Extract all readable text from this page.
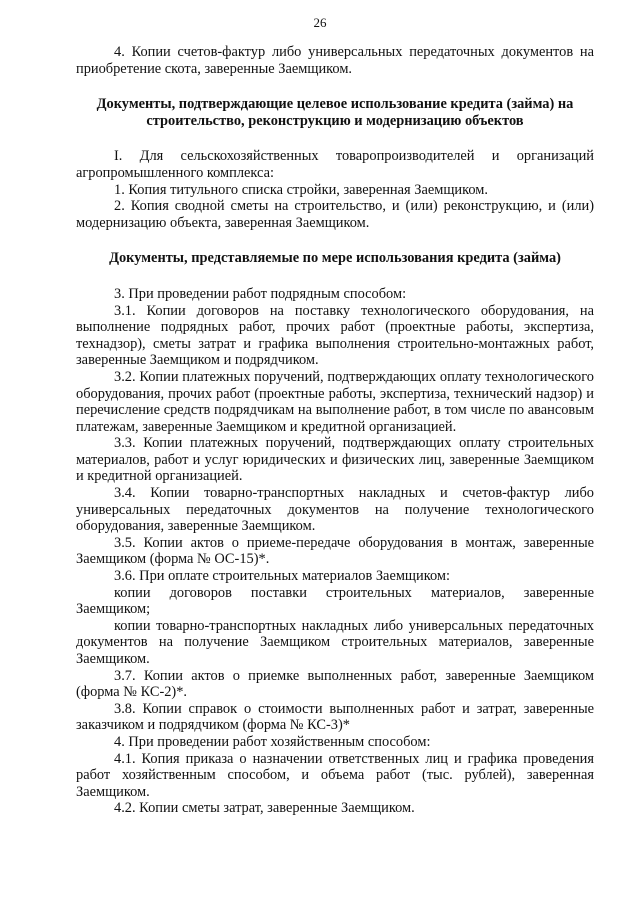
26

4. Копии счетов-фактур либо универсальных передаточных документов на приобретение скота, заверенные Заемщиком.

Документы, подтверждающие целевое использование кредита (займа) на строительство, реконструкцию и модернизацию объектов

I. Для сельскохозяйственных товаропроизводителей и организаций агропромышленного комплекса:

1. Копия титульного списка стройки, заверенная Заемщиком.

2. Копия сводной сметы на строительство, и (или) реконструкцию, и (или) модернизацию объекта, заверенная Заемщиком.

Документы, представляемые по мере использования кредита (займа)

3. При проведении работ подрядным способом:

3.1. Копии договоров на поставку технологического оборудования, на выполнение подрядных работ, прочих работ (проектные работы, экспертиза, технадзор), сметы затрат и графика выполнения строительно-монтажных работ, заверенные Заемщиком и подрядчиком.

3.2. Копии платежных поручений, подтверждающих оплату технологического оборудования, прочих работ (проектные работы, экспертиза, технический надзор) и перечисление средств подрядчикам на выполнение работ, в том числе по авансовым платежам, заверенные Заемщиком и кредитной организацией.

3.3. Копии платежных поручений, подтверждающих оплату строительных материалов, работ и услуг юридических и физических лиц, заверенные Заемщиком и кредитной организацией.

3.4. Копии товарно-транспортных накладных и счетов-фактур либо универсальных передаточных документов на получение технологического оборудования, заверенные Заемщиком.

3.5. Копии актов о приеме-передаче оборудования в монтаж, заверенные Заемщиком (форма № ОС-15)*.

3.6. При оплате строительных материалов Заемщиком:

копии договоров поставки строительных материалов, заверенные Заемщиком;

копии товарно-транспортных накладных либо универсальных передаточных документов на получение Заемщиком строительных материалов, заверенные Заемщиком.

3.7. Копии актов о приемке выполненных работ, заверенные Заемщиком (форма № КС-2)*.

3.8. Копии справок о стоимости выполненных работ и затрат, заверенные заказчиком и подрядчиком (форма № КС-3)*

4. При проведении работ хозяйственным способом:

4.1. Копия приказа о назначении ответственных лиц и графика проведения работ хозяйственным способом, и объема работ (тыс. рублей), заверенная Заемщиком.

4.2. Копии сметы затрат, заверенные Заемщиком.
